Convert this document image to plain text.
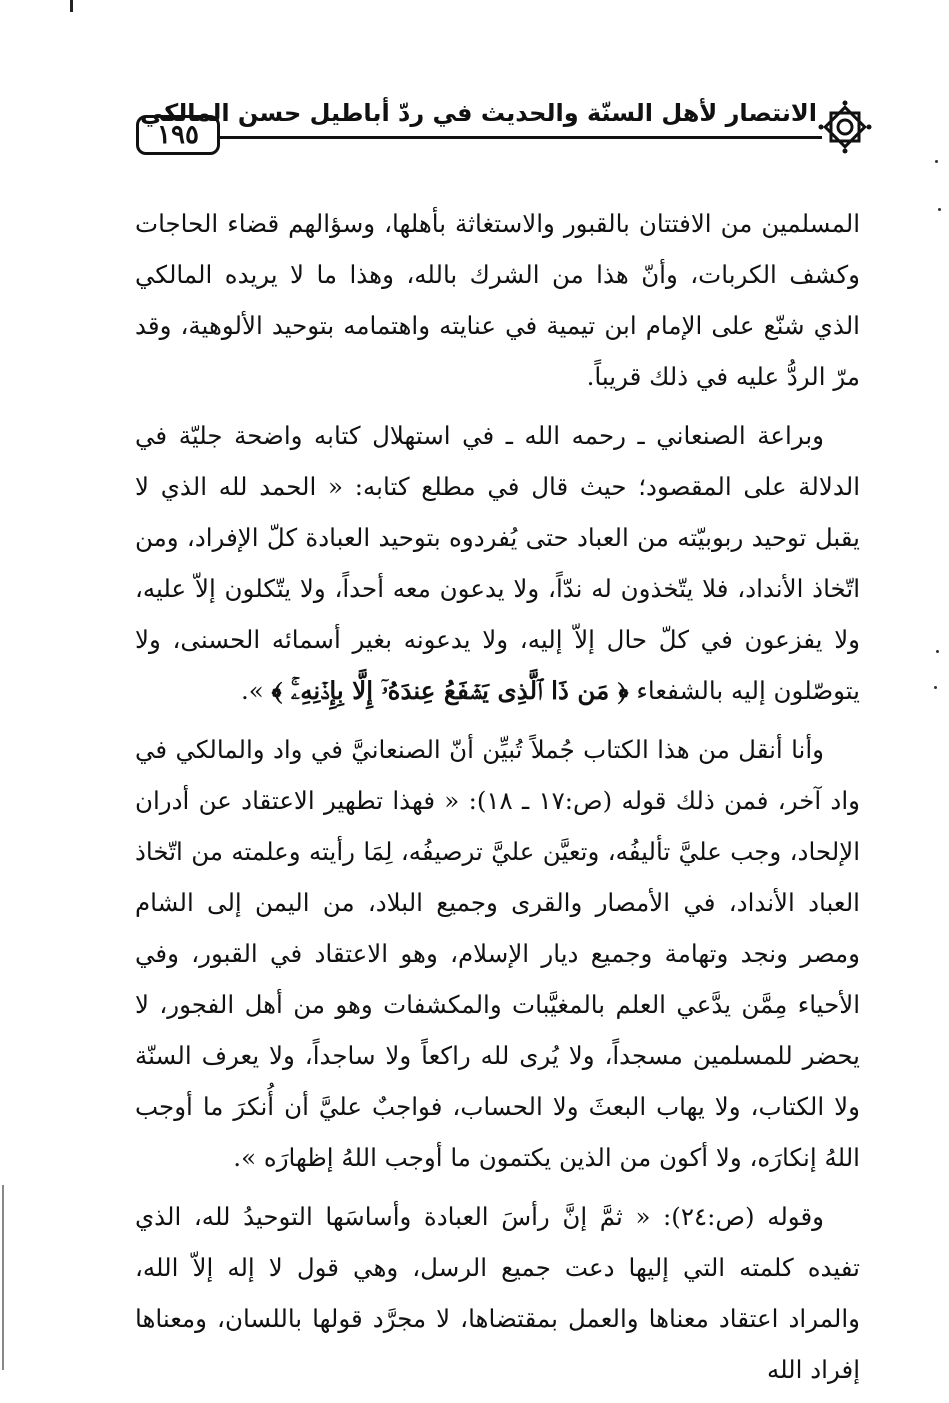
١٩٥
الانتصار لأهل السنّة والحديث في ردّ أباطيل حسن المالكي

المسلمين من الافتتان بالقبور والاستغاثة بأهلها، وسؤالهم قضاء الحاجات وكشف الكربات، وأنّ هذا من الشرك بالله، وهذا ما لا يريده المالكي الذي شنّع على الإمام ابن تيمية في عنايته واهتمامه بتوحيد الألوهية، وقد مرّ الردُّ عليه في ذلك قريباً.

وبراعة الصنعاني ـ رحمه الله ـ في استهلال كتابه واضحة جليّة في الدلالة على المقصود؛ حيث قال في مطلع كتابه: « الحمد لله الذي لا يقبل توحيد ربوبيّته من العباد حتى يُفردوه بتوحيد العبادة كلّ الإفراد، ومن اتّخاذ الأنداد، فلا يتّخذون له ندّاً، ولا يدعون معه أحداً، ولا يتّكلون إلاّ عليه، ولا يفزعون في كلّ حال إلاّ إليه، ولا يدعونه بغير أسمائه الحسنى، ولا يتوصّلون إليه بالشفعاء ﴿ مَن ذَا ٱلَّذِى يَشۡفَعُ عِندَهُۥٓ إِلَّا بِإِذۡنِهِۦۚ ﴾ ».

وأنا أنقل من هذا الكتاب جُملاً تُبيِّن أنّ الصنعانيَّ في واد والمالكي في واد آخر، فمن ذلك قوله (ص:١٧ ـ ١٨): « فهذا تطهير الاعتقاد عن أدران الإلحاد، وجب عليَّ تأليفُه، وتعيَّن عليَّ ترصيفُه، لِمَا رأيته وعلمته من اتّخاذ العباد الأنداد، في الأمصار والقرى وجميع البلاد، من اليمن إلى الشام ومصر ونجد وتهامة وجميع ديار الإسلام، وهو الاعتقاد في القبور، وفي الأحياء مِمَّن يدَّعي العلم بالمغيَّبات والمكشفات وهو من أهل الفجور، لا يحضر للمسلمين مسجداً، ولا يُرى لله راكعاً ولا ساجداً، ولا يعرف السنّة ولا الكتاب، ولا يهاب البعثَ ولا الحساب، فواجبٌ عليَّ أن أُنكرَ ما أوجب اللهُ إنكارَه، ولا أكون من الذين يكتمون ما أوجب اللهُ إظهارَه ».

وقوله (ص:٢٤): « ثمَّ إنَّ رأسَ العبادة وأساسَها التوحيدُ لله، الذي تفيده كلمته التي إليها دعت جميع الرسل، وهي قول لا إله إلاّ الله، والمراد اعتقاد معناها والعمل بمقتضاها، لا مجرَّد قولها باللسان، ومعناها إفراد الله
